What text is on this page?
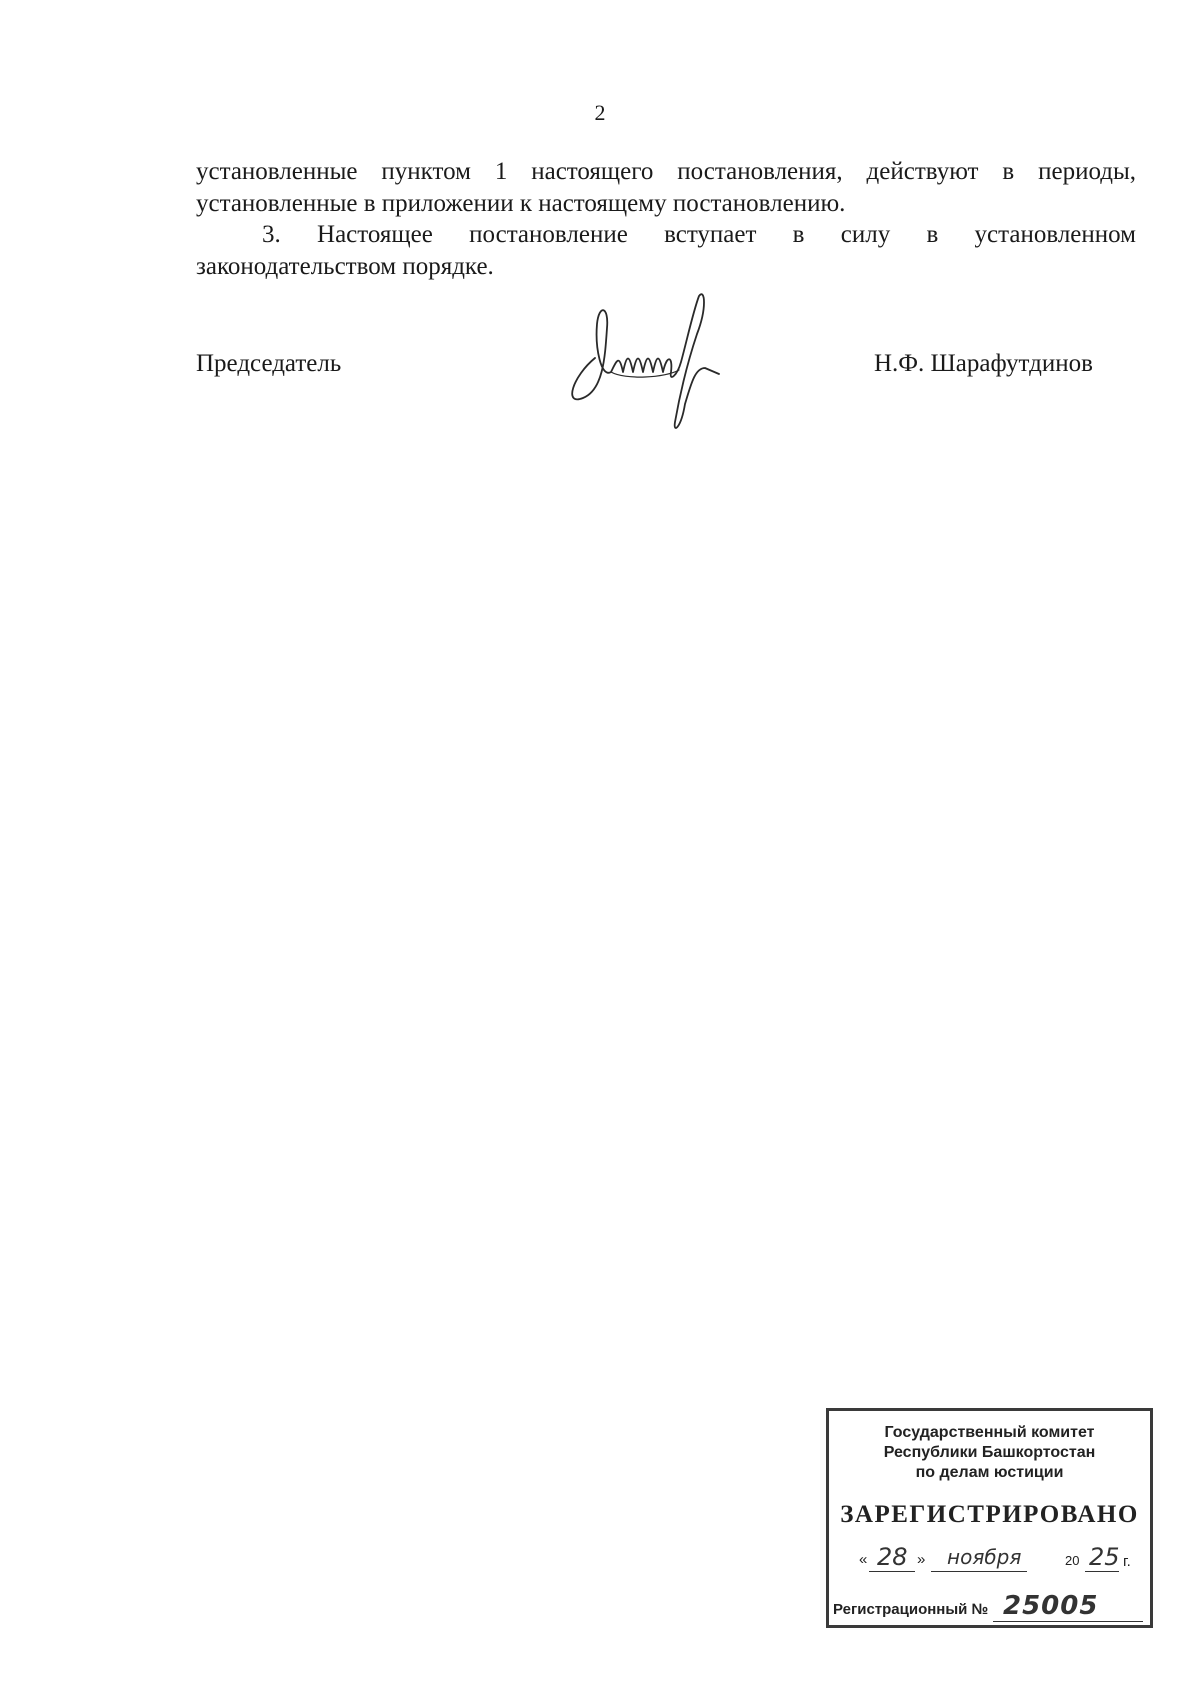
2

установленные пунктом 1 настоящего постановления, действуют в периоды,
установленные в приложении к настоящему постановлению.

3. Настоящее постановление вступает в силу в установленном
законодательством порядке.

Председатель	Н.Ф. Шарафутдинов
Государственный комитет
Республики Башкортостан
по делам юстиции
ЗАРЕГИСТРИРОВАНО
« 28 » ноября	20 25 г.
Регистрационный № 25005
